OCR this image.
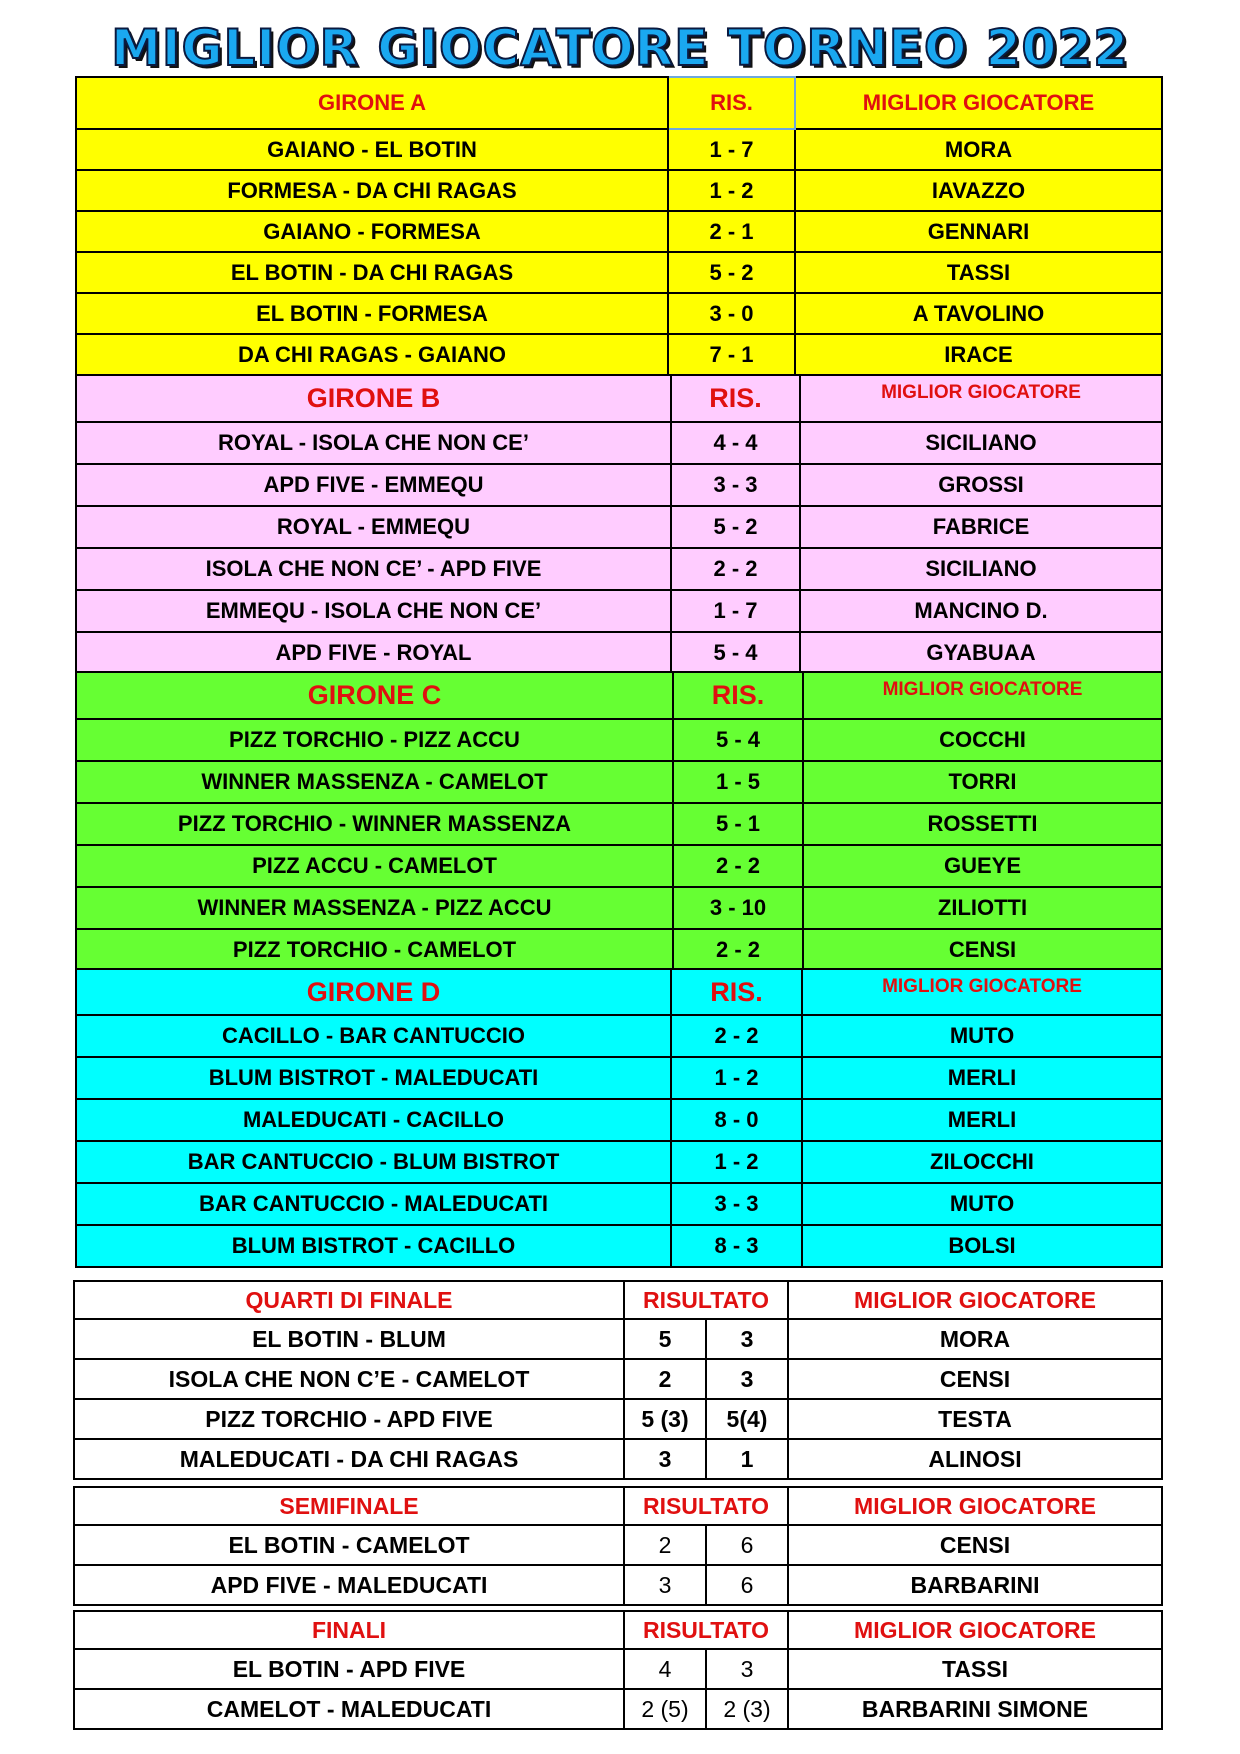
MIGLIOR GIOCATORE TORNEO 2022
GIRONE A	RIS.	MIGLIOR GIOCATORE
GAIANO - EL BOTIN	1 - 7	MORA
FORMESA - DA CHI RAGAS	1 - 2	IAVAZZO
GAIANO - FORMESA	2 - 1	GENNARI
EL BOTIN - DA CHI RAGAS	5 - 2	TASSI
EL BOTIN - FORMESA	3 - 0	A TAVOLINO
DA CHI RAGAS - GAIANO	7 - 1	IRACE
GIRONE B	RIS.	MIGLIOR GIOCATORE
ROYAL - ISOLA CHE NON CE’	4 - 4	SICILIANO
APD FIVE - EMMEQU	3 - 3	GROSSI
ROYAL - EMMEQU	5 - 2	FABRICE
ISOLA CHE NON CE’ - APD FIVE	2 - 2	SICILIANO
EMMEQU - ISOLA CHE NON CE’	1 - 7	MANCINO D.
APD FIVE - ROYAL	5 - 4	GYABUAA
GIRONE C	RIS.	MIGLIOR GIOCATORE
PIZZ TORCHIO - PIZZ ACCU	5 - 4	COCCHI
WINNER MASSENZA - CAMELOT	1 - 5	TORRI
PIZZ TORCHIO - WINNER MASSENZA	5 - 1	ROSSETTI
PIZZ ACCU - CAMELOT	2 - 2	GUEYE
WINNER MASSENZA - PIZZ ACCU	3 - 10	ZILIOTTI
PIZZ TORCHIO - CAMELOT	2 - 2	CENSI
GIRONE D	RIS.	MIGLIOR GIOCATORE
CACILLO - BAR CANTUCCIO	2 - 2	MUTO
BLUM BISTROT - MALEDUCATI	1 - 2	MERLI
MALEDUCATI - CACILLO	8 - 0	MERLI
BAR CANTUCCIO - BLUM BISTROT	1 - 2	ZILOCCHI
BAR CANTUCCIO - MALEDUCATI	3 - 3	MUTO
BLUM BISTROT - CACILLO	8 - 3	BOLSI
QUARTI DI FINALE	RISULTATO		MIGLIOR GIOCATORE
EL BOTIN - BLUM	5	3	MORA
ISOLA CHE NON C’E - CAMELOT	2	3	CENSI
PIZZ TORCHIO - APD FIVE	5 (3)	5(4)	TESTA
MALEDUCATI - DA CHI RAGAS	3	1	ALINOSI
SEMIFINALE	RISULTATO		MIGLIOR GIOCATORE
EL BOTIN - CAMELOT	2	6	CENSI
APD FIVE - MALEDUCATI	3	6	BARBARINI
FINALI	RISULTATO		MIGLIOR GIOCATORE
EL BOTIN - APD FIVE	4	3	TASSI
CAMELOT - MALEDUCATI	2 (5)	2 (3)	BARBARINI SIMONE
